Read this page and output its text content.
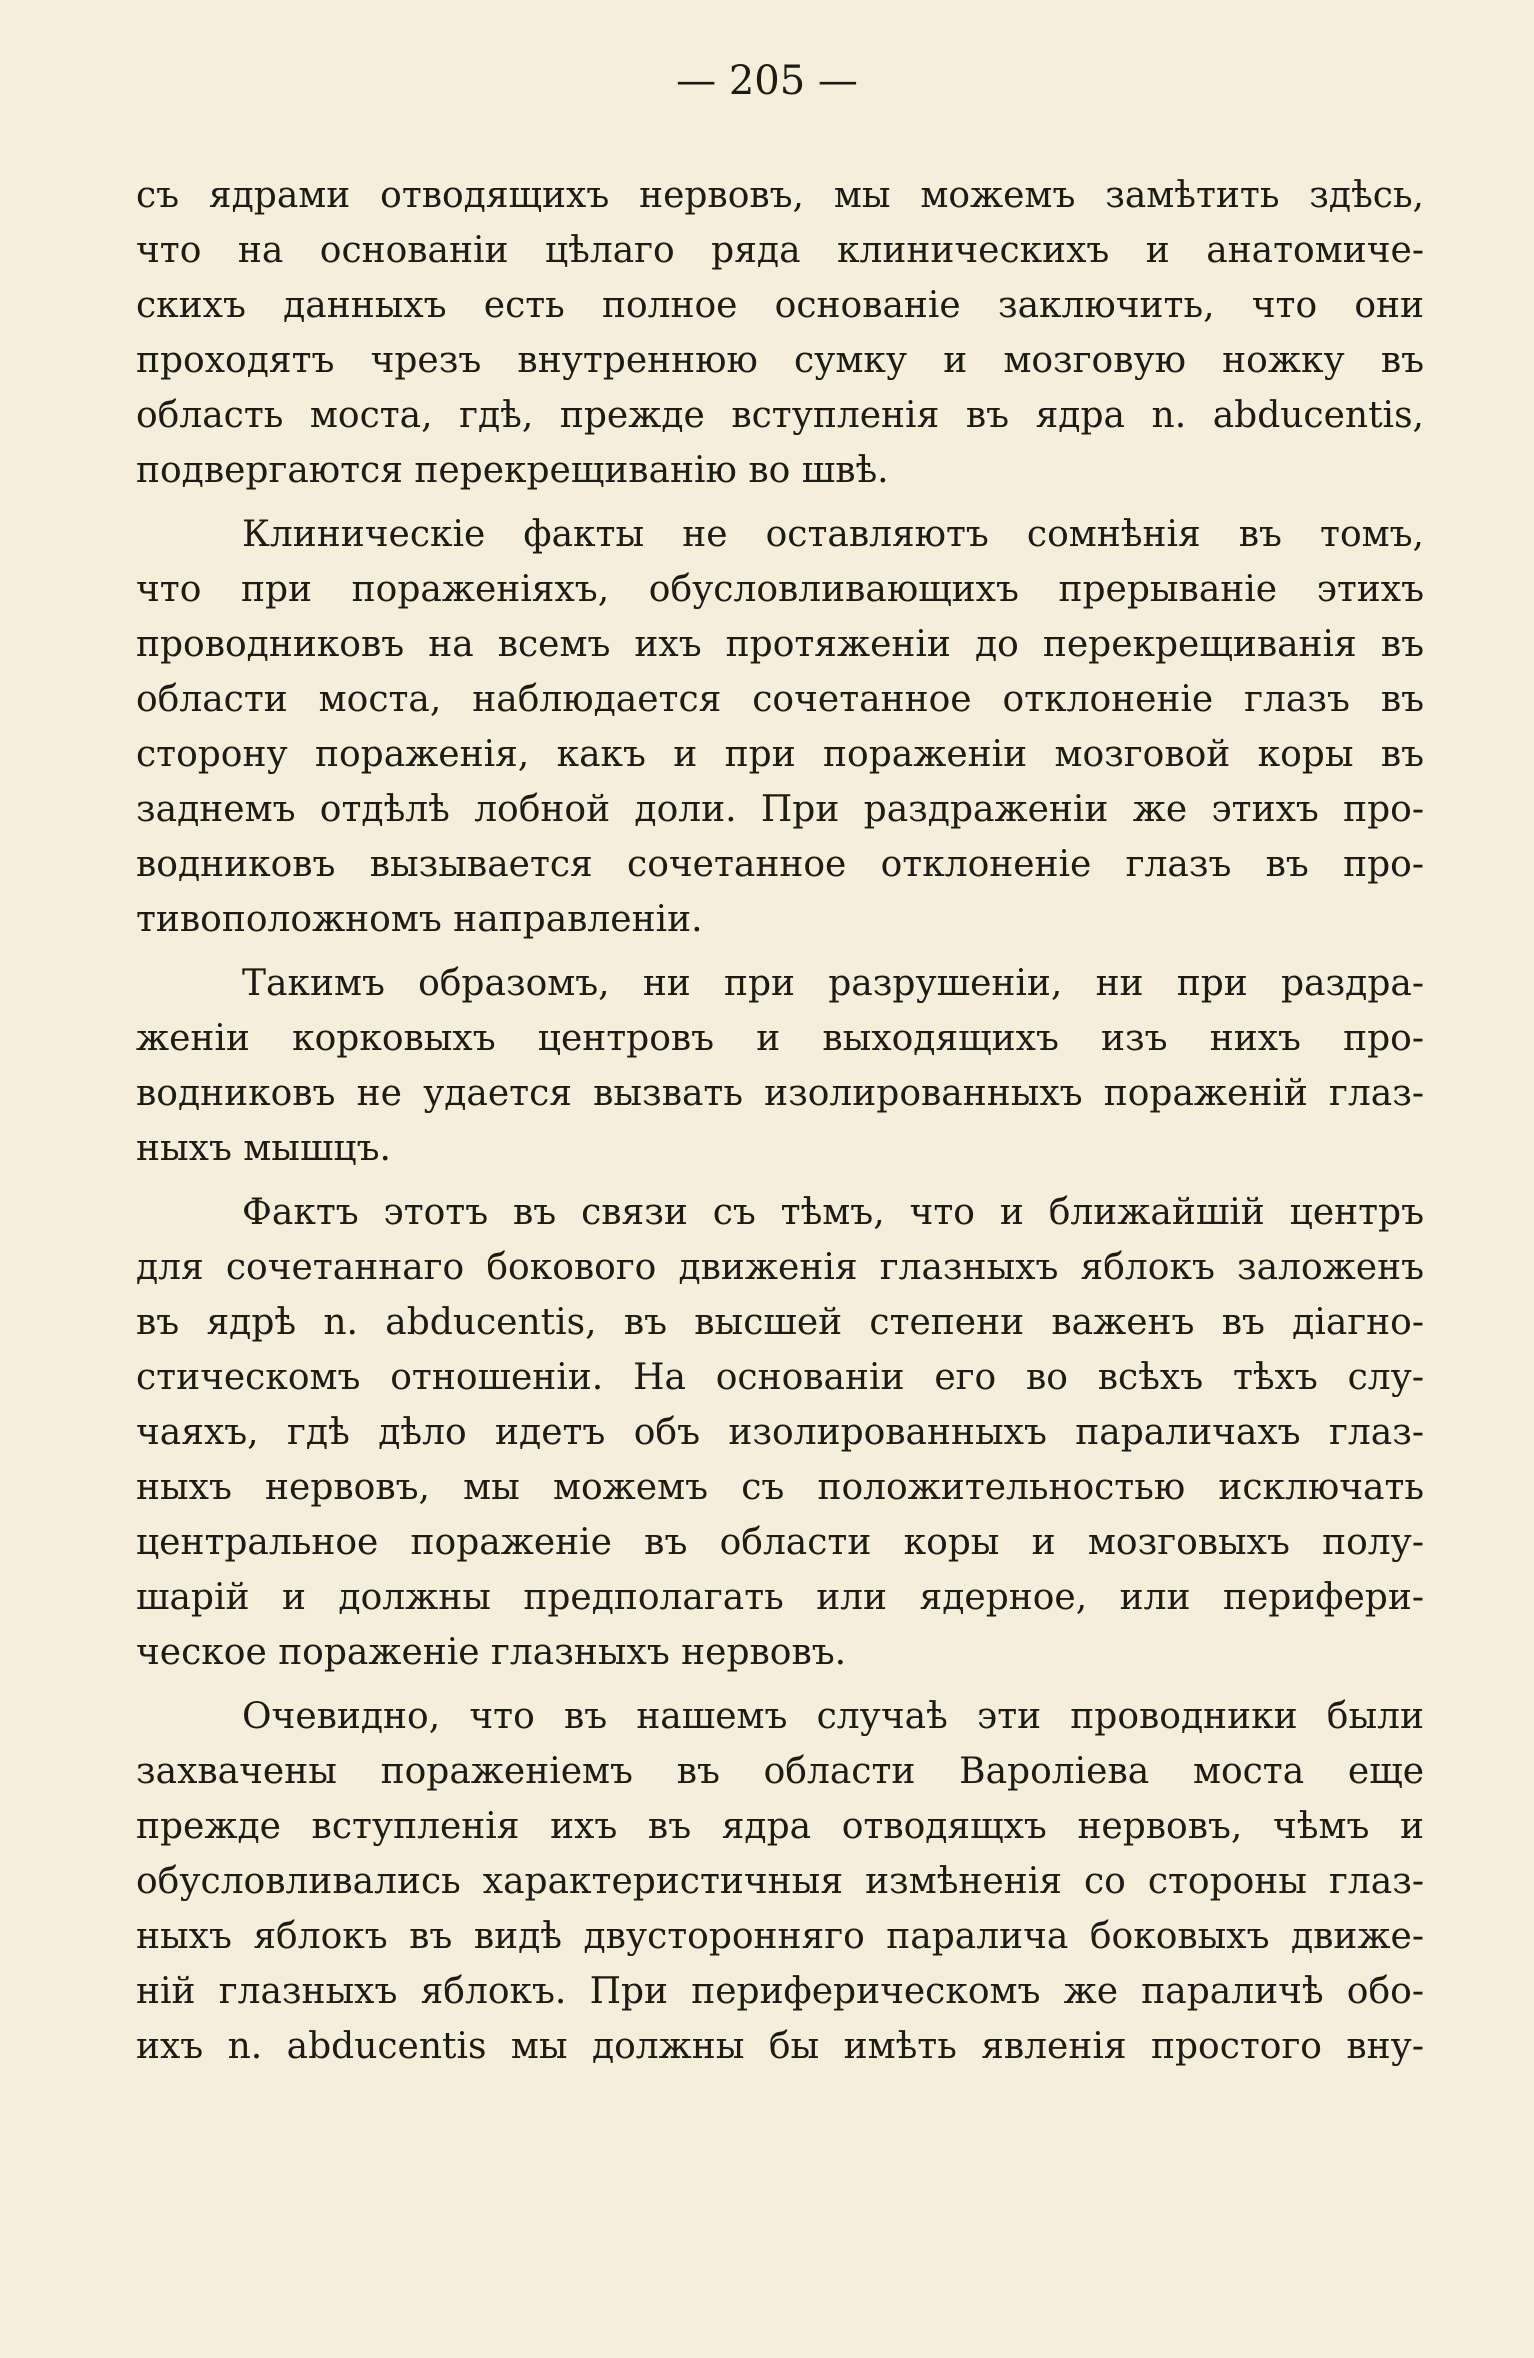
— 205 —
съ ядрами отводящихъ нервовъ, мы можемъ замѣтить здѣсь,
что на основанiи цѣлаго ряда клиническихъ и анатомиче-
скихъ данныхъ есть полное основанiе заключить, что они
проходятъ чрезъ внутреннюю сумку и мозговую ножку въ
область моста, гдѣ, прежде вступленiя въ ядра n. abducentis,
подвергаются перекрещиванiю во швѣ.
Клиническiе факты не оставляютъ сомнѣнiя въ томъ,
что при пораженiяхъ, обусловливающихъ прерыванiе этихъ
проводниковъ на всемъ ихъ протяженiи до перекрещиванiя въ
области моста, наблюдается сочетанное отклоненiе глазъ въ
сторону пораженiя, какъ и при пораженiи мозговой коры въ
заднемъ отдѣлѣ лобной доли. При раздраженiи же этихъ про-
водниковъ вызывается сочетанное отклоненiе глазъ въ про-
тивоположномъ направленiи.
Такимъ образомъ, ни при разрушенiи, ни при раздра-
женiи корковыхъ центровъ и выходящихъ изъ нихъ про-
водниковъ не удается вызвать изолированныхъ пораженiй глаз-
ныхъ мышцъ.
Фактъ этотъ въ связи съ тѣмъ, что и ближайшiй центръ
для сочетаннаго бокового движенiя глазныхъ яблокъ заложенъ
въ ядрѣ n. abducentis, въ высшей степени важенъ въ дiагно-
стическомъ отношенiи. На основанiи его во всѣхъ тѣхъ слу-
чаяхъ, гдѣ дѣло идетъ объ изолированныхъ параличахъ глаз-
ныхъ нервовъ, мы можемъ съ положительностью исключать
центральное пораженiе въ области коры и мозговыхъ полу-
шарiй и должны предполагать или ядерное, или перифери-
ческое пораженiе глазныхъ нервовъ.
Очевидно, что въ нашемъ случаѣ эти проводники были
захвачены пораженiемъ въ области Варолiева моста еще
прежде вступленiя ихъ въ ядра отводящхъ нервовъ, чѣмъ и
обусловливались характеристичныя измѣненiя со стороны глаз-
ныхъ яблокъ въ видѣ двусторонняго паралича боковыхъ движе-
нiй глазныхъ яблокъ. При периферическомъ же параличѣ обо-
ихъ n. abducentis мы должны бы имѣть явленiя простого вну-
